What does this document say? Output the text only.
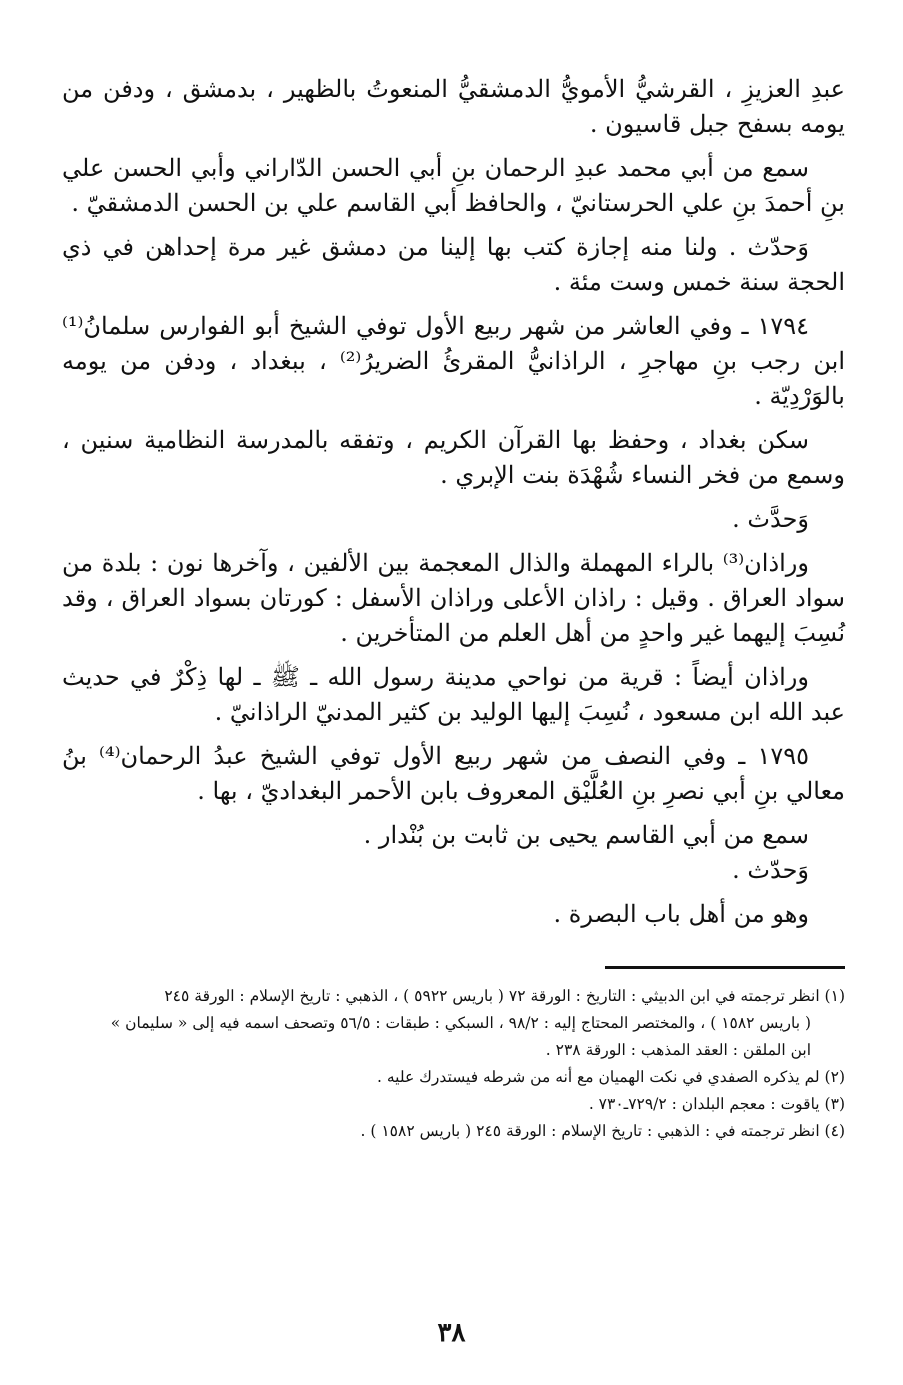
عبدِ العزيزِ ، القرشيُّ الأمويُّ الدمشقيُّ المنعوتُ بالظهير ، بدمشق ، ودفن من يومه بسفح جبل قاسيون .

سمع من أبي محمد عبدِ الرحمان بنِ أبي الحسن الدّاراني وأبي الحسن علي بنِ أحمدَ بنِ علي الحرستانيّ ، والحافظ أبي القاسم علي بن الحسن الدمشقيّ .

وَحدّث . ولنا منه إجازة كتب بها إلينا من دمشق غير مرة إحداهن في ذي الحجة سنة خمس وست مئة .

١٧٩٤ ـ وفي العاشر من شهر ربيع الأول توفي الشيخ أبو الفوارس سلمانُ⁽¹⁾ ابن رجب بنِ مهاجرِ ، الراذانيُّ المقرئُ الضريرُ⁽²⁾ ، ببغداد ، ودفن من يومه بالوَرْدِيّة .

سكن بغداد ، وحفظ بها القرآن الكريم ، وتفقه بالمدرسة النظامية سنين ، وسمع من فخر النساء شُهْدَة بنت الإبري .

وَحدَّث .

وراذان⁽³⁾ بالراء المهملة والذال المعجمة بين الألفين ، وآخرها نون : بلدة من سواد العراق . وقيل : راذان الأعلى وراذان الأسفل : كورتان بسواد العراق ، وقد نُسِبَ إليهما غير واحدٍ من أهل العلم من المتأخرين .

وراذان أيضاً : قرية من نواحي مدينة رسول الله ـ ﷺ ـ لها ذِكْرٌ في حديث عبد الله ابن مسعود ، نُسِبَ إليها الوليد بن كثير المدنيّ الراذانيّ .

١٧٩٥ ـ وفي النصف من شهر ربيع الأول توفي الشيخ عبدُ الرحمان⁽⁴⁾ بنُ معالي بنِ أبي نصرِ بنِ العُلَّيْق المعروف بابن الأحمر البغداديّ ، بها .

سمع من أبي القاسم يحيى بن ثابت بن بُنْدار .

وَحدّث .

وهو من أهل باب البصرة .

(١) انظر ترجمته في ابن الدبيثي : التاريخ : الورقة ٧٢ ( باريس ٥٩٢٢ ) ، الذهبي : تاريخ الإسلام : الورقة ٢٤٥

( باريس ١٥٨٢ ) ، والمختصر المحتاج إليه : ٩٨/٢ ، السبكي : طبقات : ٥٦/٥ وتصحف اسمه فيه إلى « سليمان »

ابن الملقن : العقد المذهب : الورقة ٢٣٨ .

(٢) لم يذكره الصفدي في نكت الهميان مع أنه من شرطه فيستدرك عليه .

(٣) ياقوت : معجم البلدان : ٧٢٩/٢ـ٧٣٠ .

(٤) انظر ترجمته في : الذهبي : تاريخ الإسلام : الورقة ٢٤٥ ( باريس ١٥٨٢ ) .

٣٨
